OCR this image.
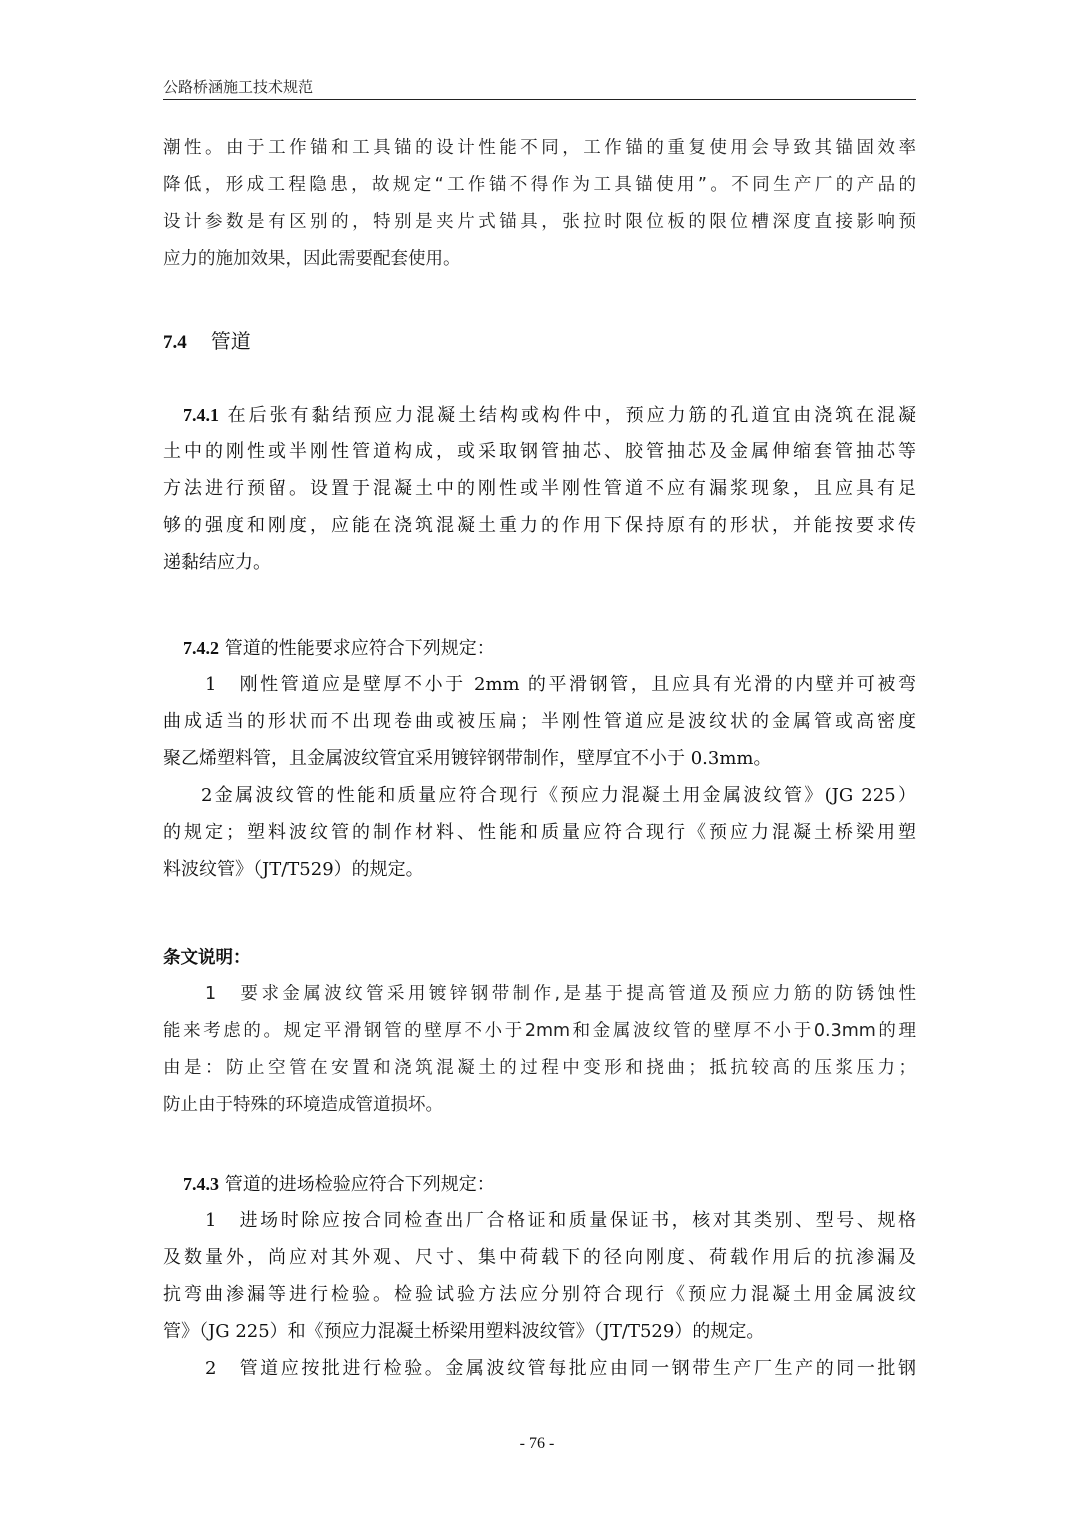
公路桥涵施工技术规范
潮性。由于工作锚和工具锚的设计性能不同，工作锚的重复使用会导致其锚固效率
降低，形成工程隐患，故规定“工作锚不得作为工具锚使用”。不同生产厂的产品的
设计参数是有区别的，特别是夹片式锚具，张拉时限位板的限位槽深度直接影响预
应力的施加效果，因此需要配套使用。
7.4 管道
7.4.1 在后张有黏结预应力混凝土结构或构件中，预应力筋的孔道宜由浇筑在混凝
土中的刚性或半刚性管道构成，或采取钢管抽芯、胶管抽芯及金属伸缩套管抽芯等
方法进行预留。设置于混凝土中的刚性或半刚性管道不应有漏浆现象，且应具有足
够的强度和刚度，应能在浇筑混凝土重力的作用下保持原有的形状，并能按要求传
递黏结应力。
7.4.2 管道的性能要求应符合下列规定：
1　刚性管道应是壁厚不小于 2mm 的平滑钢管，且应具有光滑的内壁并可被弯
曲成适当的形状而不出现卷曲或被压扁；半刚性管道应是波纹状的金属管或高密度
聚乙烯塑料管，且金属波纹管宜采用镀锌钢带制作，壁厚宜不小于 0.3mm。
2金属波纹管的性能和质量应符合现行《预应力混凝土用金属波纹管》(JG 225）
的规定；塑料波纹管的制作材料、性能和质量应符合现行《预应力混凝土桥梁用塑
料波纹管》（JT/T529）的规定。
条文说明：
1　要求金属波纹管采用镀锌钢带制作,是基于提高管道及预应力筋的防锈蚀性
能来考虑的。规定平滑钢管的壁厚不小于2mm和金属波纹管的壁厚不小于0.3mm的理
由是：防止空管在安置和浇筑混凝土的过程中变形和挠曲；抵抗较高的压浆压力；
防止由于特殊的环境造成管道损坏。
7.4.3 管道的进场检验应符合下列规定：
1　进场时除应按合同检查出厂合格证和质量保证书，核对其类别、型号、规格
及数量外，尚应对其外观、尺寸、集中荷载下的径向刚度、荷载作用后的抗渗漏及
抗弯曲渗漏等进行检验。检验试验方法应分别符合现行《预应力混凝土用金属波纹
管》（JG 225）和《预应力混凝土桥梁用塑料波纹管》（JT/T529）的规定。
2　管道应按批进行检验。金属波纹管每批应由同一钢带生产厂生产的同一批钢
- 76 -
